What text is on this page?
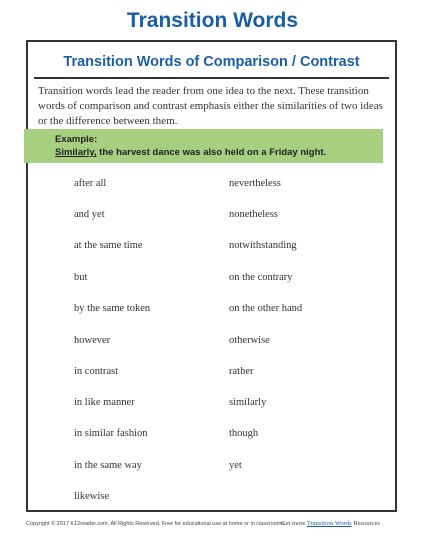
Transition Words
Transition Words of Comparison / Contrast
Transition words lead the reader from one idea to the next. These transition words of comparison and contrast emphasis either the similarities of two ideas or the difference between them.
Example:
Similarly, the harvest dance was also held on a Friday night.
after all
and yet
at the same time
but
by the same token
however
in contrast
in like manner
in similar fashion
in the same way
likewise
nevertheless
nonetheless
notwithstanding
on the contrary
on the other hand
otherwise
rather
similarly
though
yet
Copyright © 2017 K12reader.com. All Rights Reserved. Free for educational use at home or in classrooms.
Get more Transition Words Resources
